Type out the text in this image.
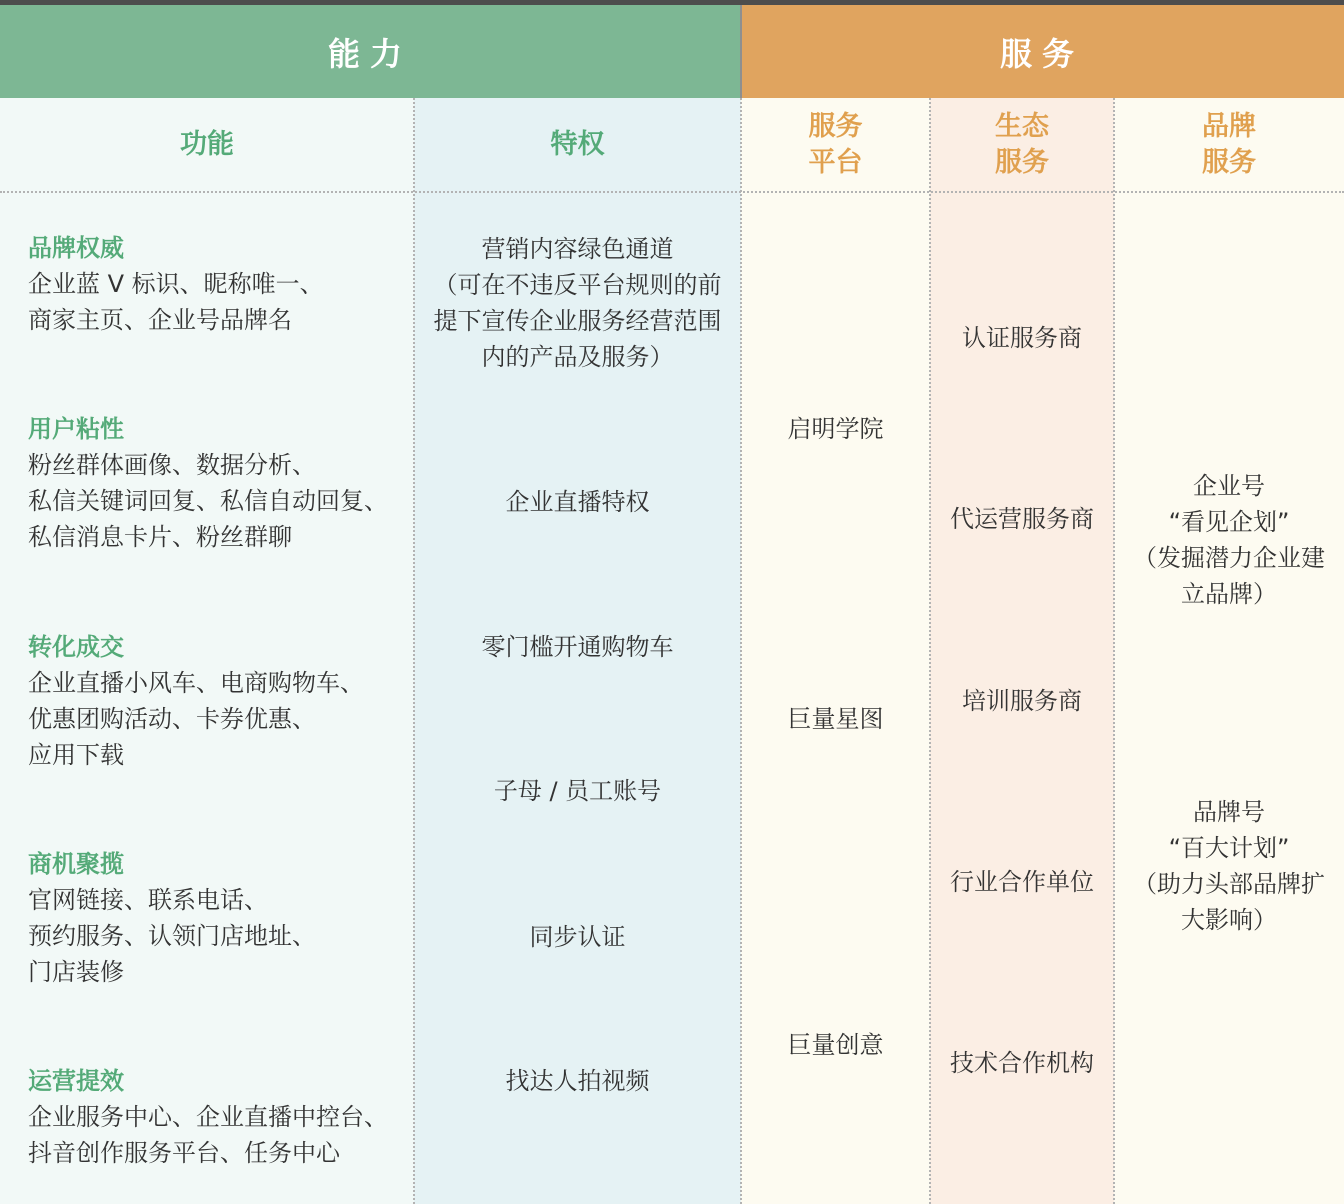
能力	服务
功能	特权
服务
平台
生态
服务
品牌
服务
品牌权威
企业蓝 V 标识、昵称唯一、
商家主页、企业号品牌名
用户粘性
粉丝群体画像、数据分析、
私信关键词回复、私信自动回复、
私信消息卡片、粉丝群聊
转化成交
企业直播小风车、电商购物车、
优惠团购活动、卡券优惠、
应用下载
商机聚揽
官网链接、联系电话、
预约服务、认领门店地址、
门店装修
运营提效
企业服务中心、企业直播中控台、
抖音创作服务平台、任务中心
营销内容绿色通道
（可在不违反平台规则的前
提下宣传企业服务经营范围
内的产品及服务）
企业直播特权
零门槛开通购物车
子母 / 员工账号
同步认证
找达人拍视频
启明学院
巨量星图
巨量创意
认证服务商
代运营服务商
培训服务商
行业合作单位
技术合作机构
企业号
“看见企划”
（发掘潜力企业建
立品牌）
品牌号
“百大计划”
（助力头部品牌扩
大影响）
